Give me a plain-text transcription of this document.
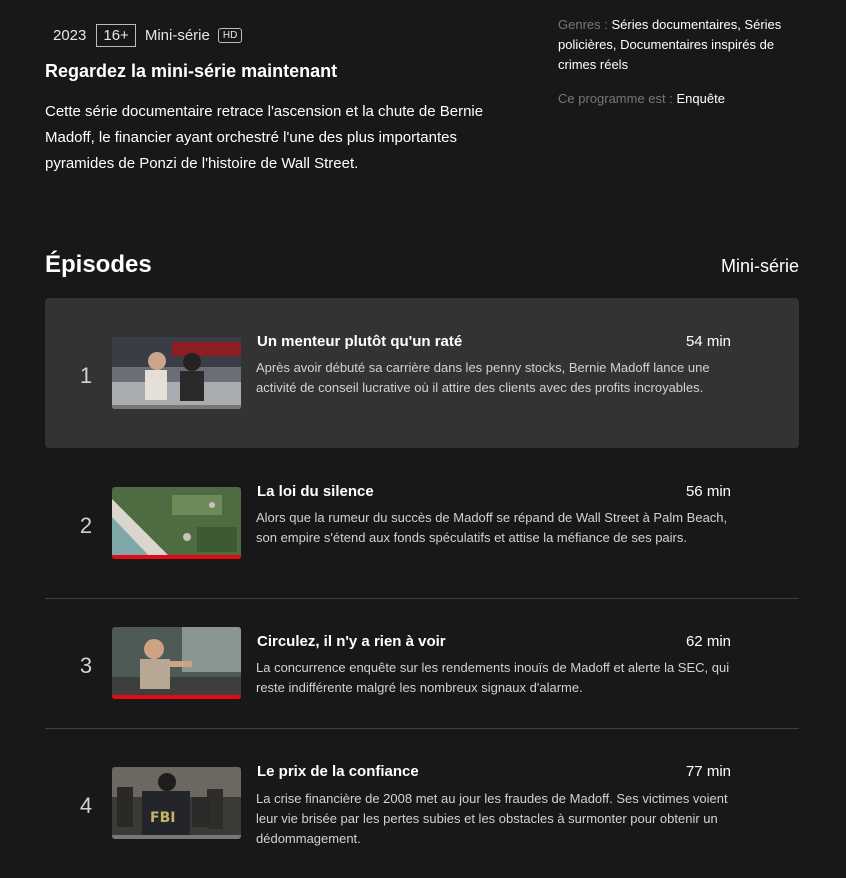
2023	16+	Mini-série	HD
Regardez la mini-série maintenant
Cette série documentaire retrace l'ascension et la chute de Bernie Madoff, le financier ayant orchestré l'une des plus importantes pyramides de Ponzi de l'histoire de Wall Street.
Genres : Séries documentaires, Séries policières, Documentaires inspirés de crimes réels
Ce programme est : Enquête
Épisodes	Mini-série
1
Un menteur plutôt qu'un raté	54 min
Après avoir débuté sa carrière dans les penny stocks, Bernie Madoff lance une activité de conseil lucrative où il attire des clients avec des profits incroyables.
2
La loi du silence	56 min
Alors que la rumeur du succès de Madoff se répand de Wall Street à Palm Beach, son empire s'étend aux fonds spéculatifs et attise la méfiance de ses pairs.
3
Circulez, il n'y a rien à voir	62 min
La concurrence enquête sur les rendements inouïs de Madoff et alerte la SEC, qui reste indifférente malgré les nombreux signaux d'alarme.
4	FBI
Le prix de la confiance	77 min
La crise financière de 2008 met au jour les fraudes de Madoff. Ses victimes voient leur vie brisée par les pertes subies et les obstacles à surmonter pour obtenir un dédommagement.
